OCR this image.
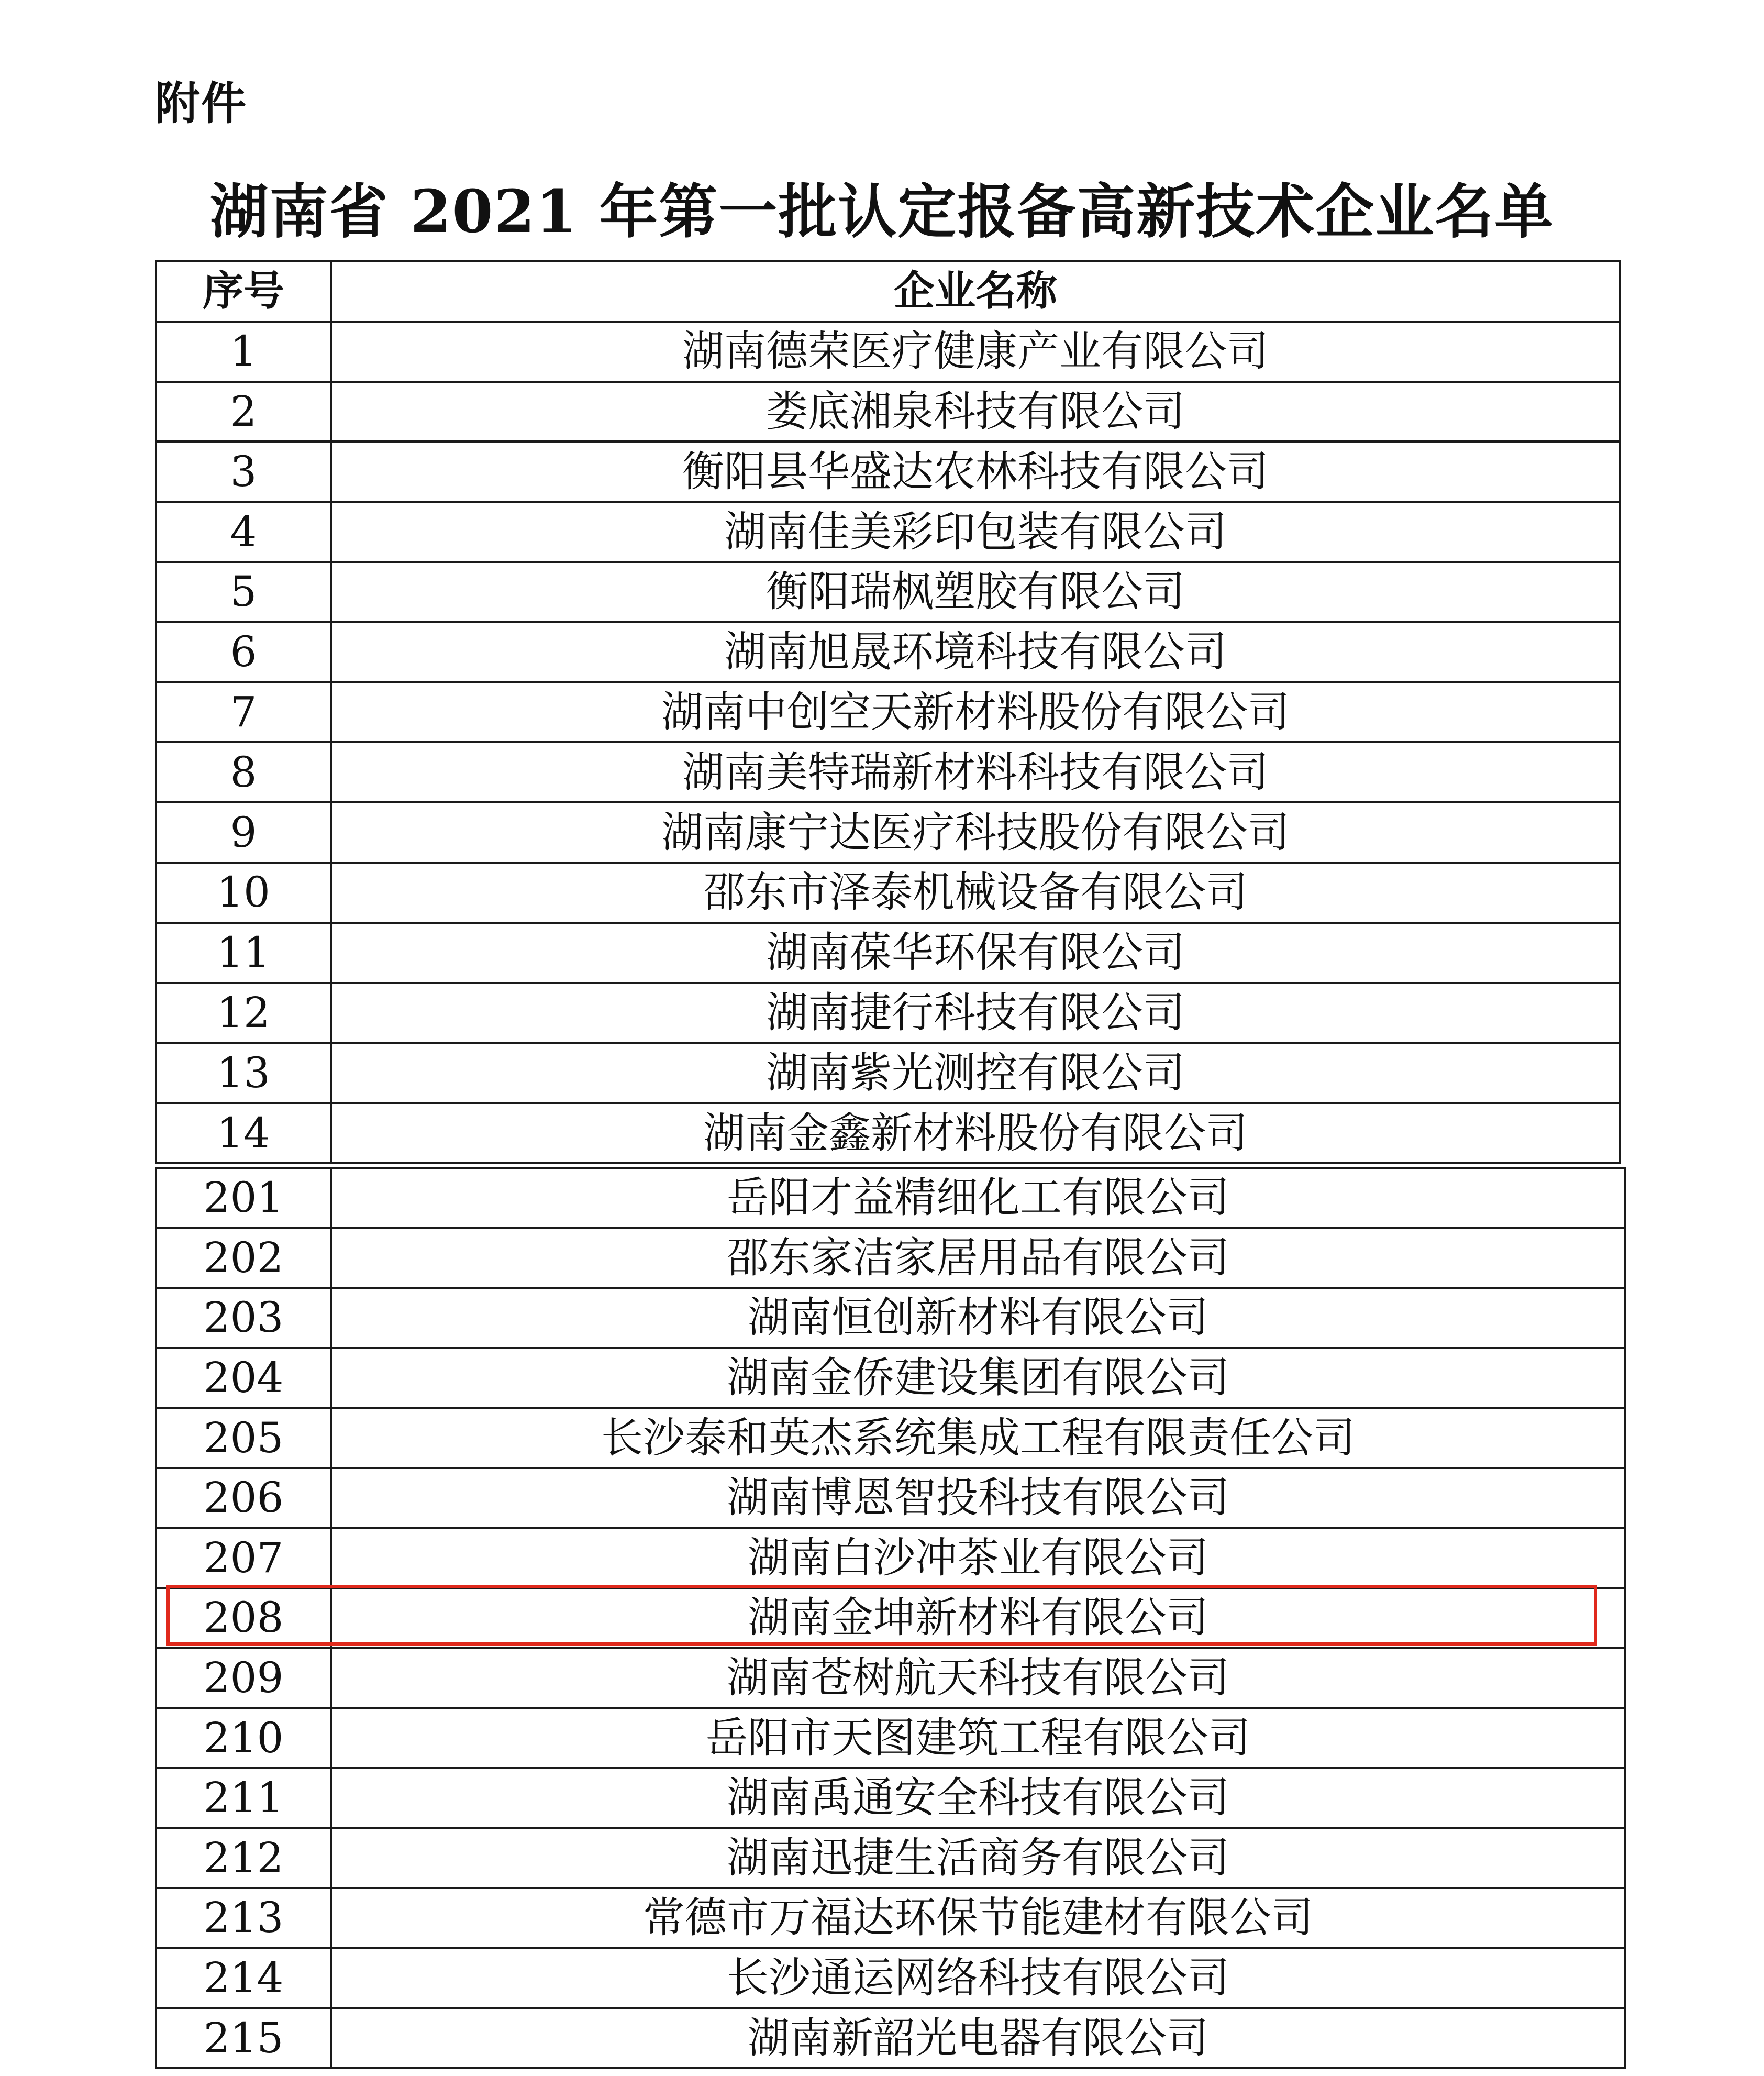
附件
湖南省 2021 年第一批认定报备高新技术企业名单
序号	企业名称
1	湖南德荣医疗健康产业有限公司
2	娄底湘泉科技有限公司
3	衡阳县华盛达农林科技有限公司
4	湖南佳美彩印包装有限公司
5	衡阳瑞枫塑胶有限公司
6	湖南旭晟环境科技有限公司
7	湖南中创空天新材料股份有限公司
8	湖南美特瑞新材料科技有限公司
9	湖南康宁达医疗科技股份有限公司
10	邵东市泽泰机械设备有限公司
11	湖南葆华环保有限公司
12	湖南捷行科技有限公司
13	湖南紫光测控有限公司
14	湖南金鑫新材料股份有限公司
201	岳阳才益精细化工有限公司
202	邵东家洁家居用品有限公司
203	湖南恒创新材料有限公司
204	湖南金侨建设集团有限公司
205	长沙泰和英杰系统集成工程有限责任公司
206	湖南博恩智投科技有限公司
207	湖南白沙冲茶业有限公司
208	湖南金坤新材料有限公司
209	湖南苍树航天科技有限公司
210	岳阳市天图建筑工程有限公司
211	湖南禹通安全科技有限公司
212	湖南迅捷生活商务有限公司
213	常德市万福达环保节能建材有限公司
214	长沙通运网络科技有限公司
215	湖南新韶光电器有限公司
